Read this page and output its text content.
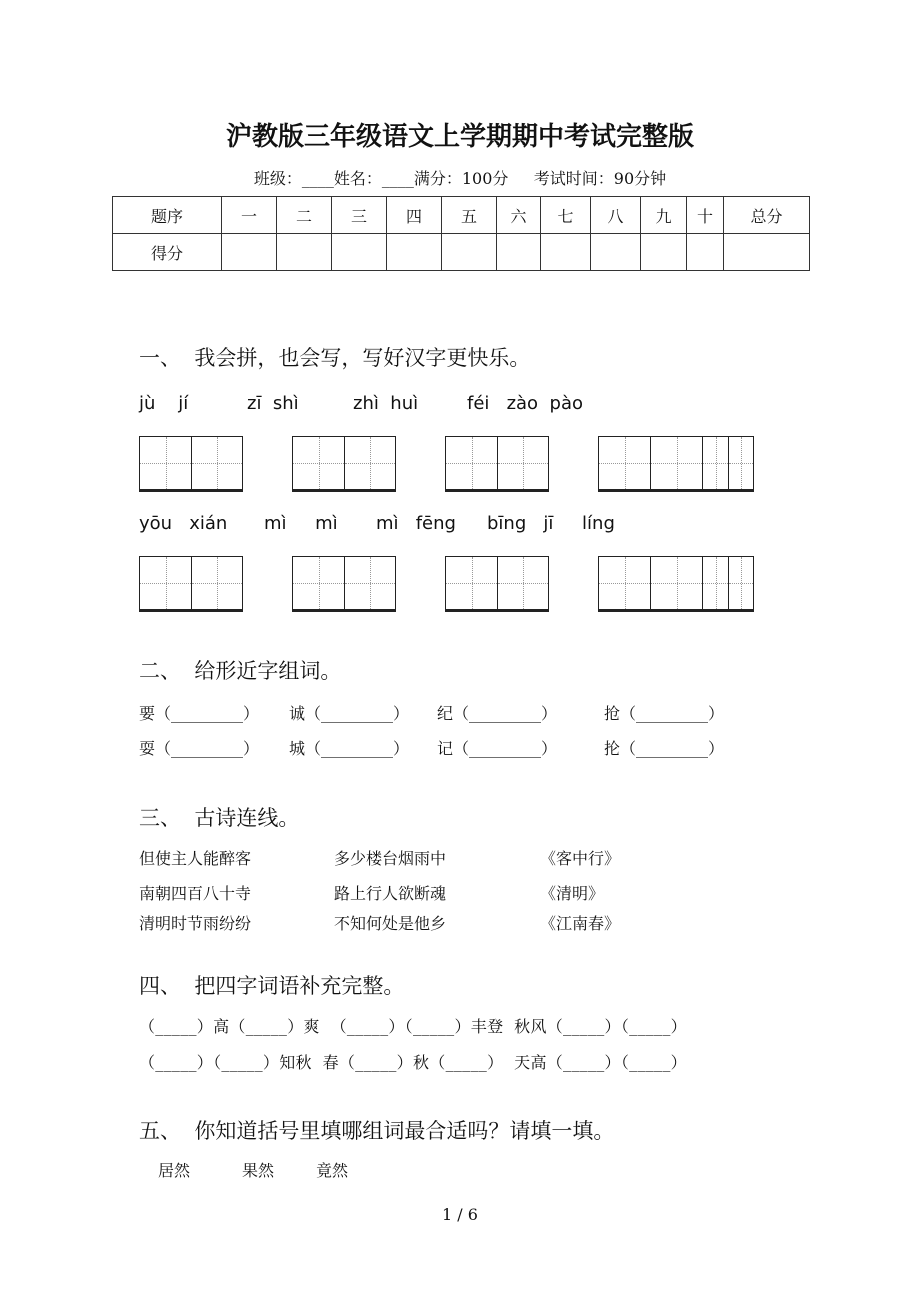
沪教版三年级语文上学期期中考试完整版
班级：____姓名：____满分：100分     考试时间：90分钟
题序	一	二	三	四	五	六	七	八	九	十	总分
得分											
一、  我会拼，也会写，写好汉字更快乐。
jù    jí	zī  shì	zhì  huì	féi   zào  pào
yōu   xián mì     mì mì   fēng bīng   jī     líng
二、  给形近字组词。
要（_________） 诚（_________） 纪（_________）	抢（_________）
耍（_________） 城（_________） 记（_________）	抡（_________）
三、  古诗连线。
但使主人能醉客	多少楼台烟雨中	《客中行》
南朝四百八十寺	路上行人欲断魂	《清明》
清明时节雨纷纷	不知何处是他乡	《江南春》
四、  把四字词语补充完整。
（_____）高（_____）爽  （_____）（_____）丰登  秋风（_____）（_____）
（_____）（_____）知秋  春（_____）秋（_____）  天高（_____）（_____）
五、  你知道括号里填哪组词最合适吗？请填一填。
居然	果然	竟然
1 / 6
